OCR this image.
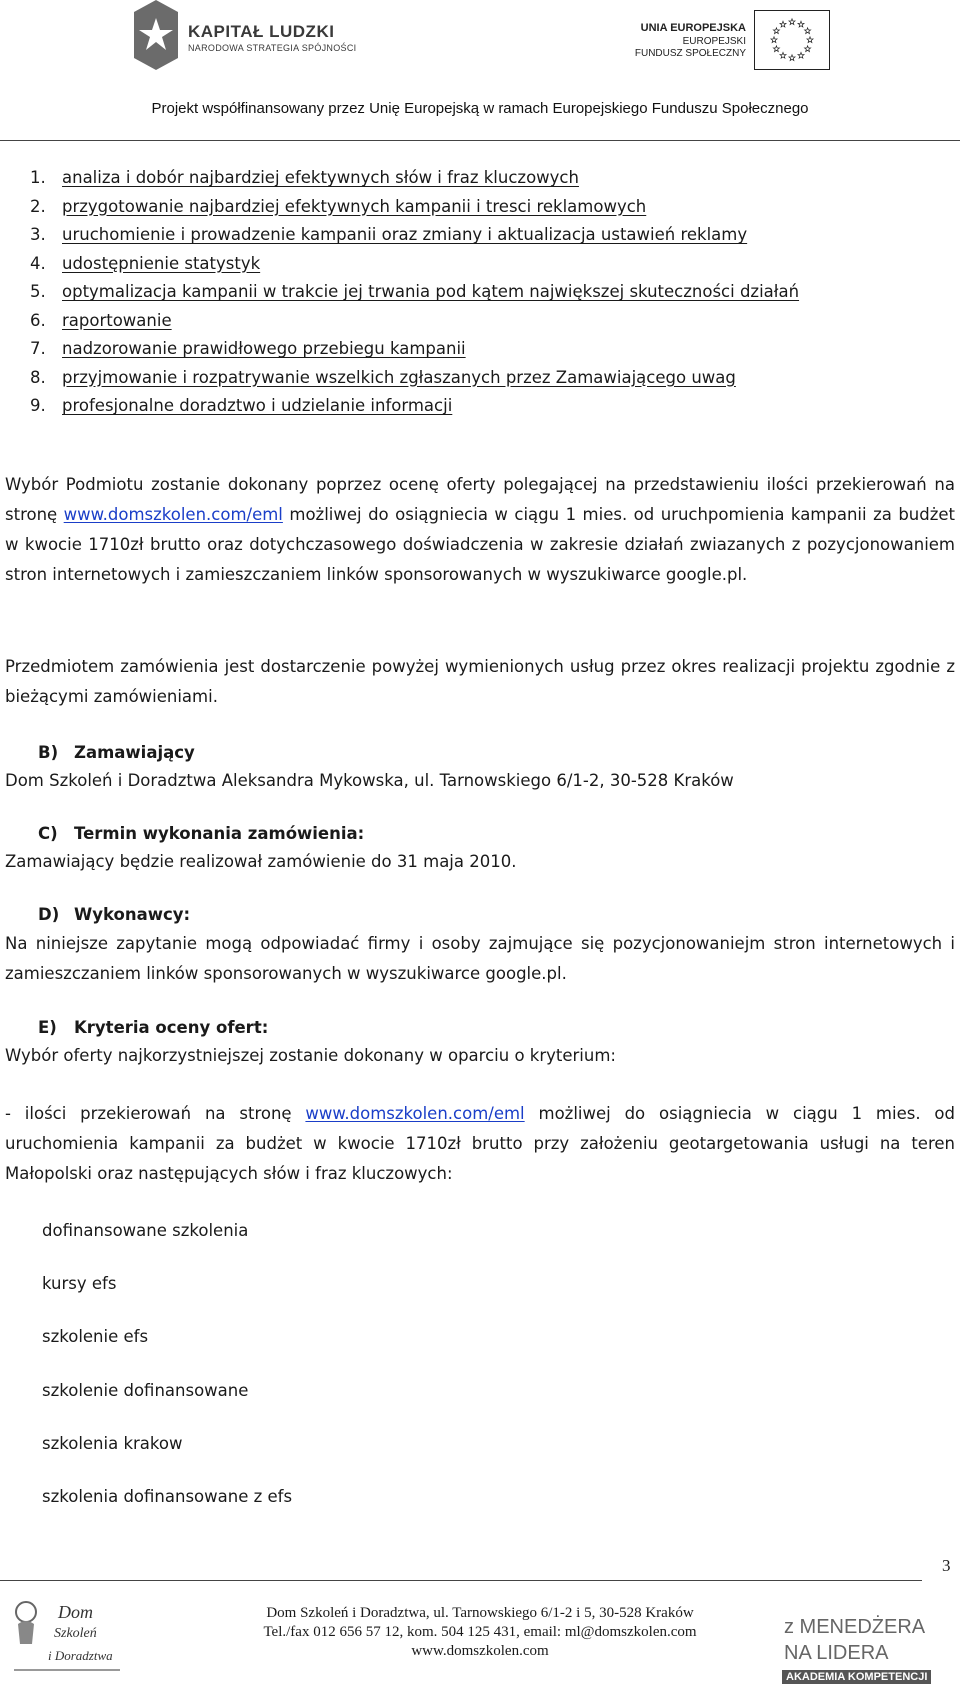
KAPITAŁ LUDZKI
NARODOWA STRATEGIA SPÓJNOŚCI
UNIA EUROPEJSKA
EUROPEJSKI
FUNDUSZ SPOŁECZNY
Projekt współfinansowany przez Unię Europejską w ramach Europejskiego Funduszu Społecznego
1. analiza i dobór najbardziej efektywnych słów i fraz kluczowych
2. przygotowanie najbardziej efektywnych kampanii i tresci reklamowych
3. uruchomienie i prowadzenie kampanii oraz zmiany i aktualizacja ustawień reklamy
4. udostępnienie statystyk
5. optymalizacja kampanii w trakcie jej trwania pod kątem największej skuteczności działań
6. raportowanie
7. nadzorowanie prawidłowego przebiegu kampanii
8. przyjmowanie i rozpatrywanie wszelkich zgłaszanych przez Zamawiającego uwag
9. profesjonalne doradztwo i udzielanie informacji
Wybór Podmiotu zostanie dokonany poprzez ocenę oferty polegającej na przedstawieniu ilości przekierowań na stronę www.domszkolen.com/eml możliwej do osiągniecia w ciągu 1 mies. od uruchpomienia kampanii za budżet w kwocie 1710zł brutto oraz dotychczasowego doświadczenia w zakresie działań zwiazanych z pozycjonowaniem stron internetowych i zamieszczaniem linków sponsorowanych w wyszukiwarce google.pl.
Przedmiotem zamówienia jest dostarczenie powyżej wymienionych usług przez okres realizacji projektu zgodnie z bieżącymi zamówieniami.
B) Zamawiający
Dom Szkoleń i Doradztwa Aleksandra Mykowska, ul. Tarnowskiego 6/1-2, 30-528 Kraków
C) Termin wykonania zamówienia:
Zamawiający będzie realizował zamówienie do 31 maja 2010.
D) Wykonawcy:
Na niniejsze zapytanie mogą odpowiadać firmy i osoby zajmujące się pozycjonowaniejm stron internetowych i zamieszczaniem linków sponsorowanych w wyszukiwarce google.pl.
E) Kryteria oceny ofert:
Wybór oferty najkorzystniejszej zostanie dokonany w oparciu o kryterium:
- ilości przekierowań na stronę www.domszkolen.com/eml możliwej do osiągniecia w ciągu 1 mies. od uruchomienia kampanii za budżet w kwocie 1710zł brutto przy założeniu geotargetowania usługi na teren Małopolski oraz następujących słów i fraz kluczowych:
dofinansowane szkolenia
kursy efs
szkolenie efs
szkolenie dofinansowane
szkolenia krakow
szkolenia dofinansowane z efs
3
Dom
Szkoleń
i Doradztwa
Dom Szkoleń i Doradztwa, ul. Tarnowskiego 6/1-2 i 5, 30-528 Kraków
Tel./fax 012 656 57 12, kom. 504 125 431, email: ml@domszkolen.com
www.domszkolen.com
z MENEDŻERA
NA LIDERA
AKADEMIA KOMPETENCJI
